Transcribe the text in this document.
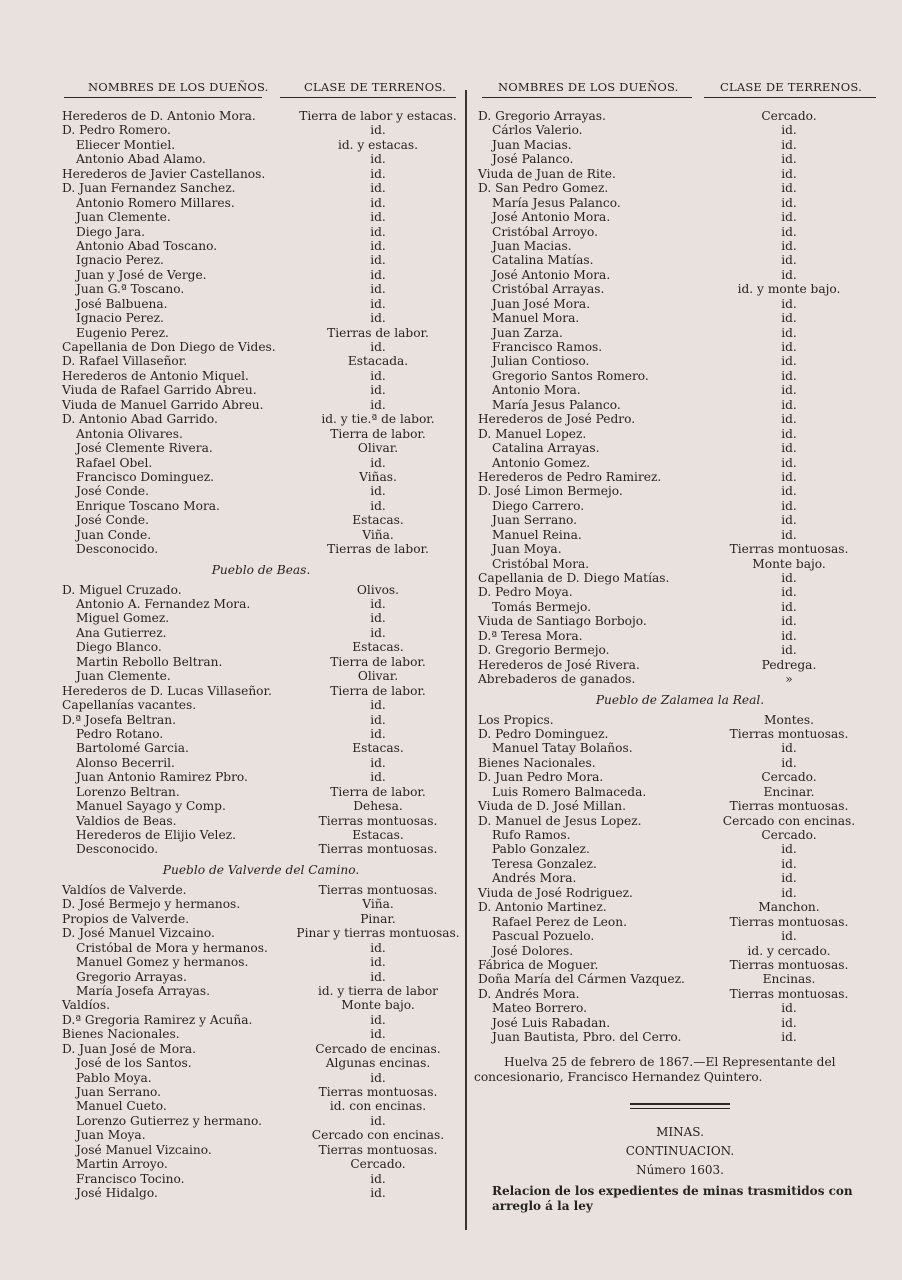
NOMBRES DE LOS DUEÑOS.	CLASE DE TERRENOS.
Herederos de D. Antonio Mora.	Tierra de labor y estacas.
D. Pedro Romero.	id.
Eliecer Montiel.	id. y estacas.
Antonio Abad Alamo.	id.
Herederos de Javier Castellanos.	id.
D. Juan Fernandez Sanchez.	id.
Antonio Romero Millares.	id.
Juan Clemente.	id.
Diego Jara.	id.
Antonio Abad Toscano.	id.
Ignacio Perez.	id.
Juan y José de Verge.	id.
Juan G.ª Toscano.	id.
José Balbuena.	id.
Ignacio Perez.	id.
Eugenio Perez.	Tierras de labor.
Capellania de Don Diego de Vides.	id.
D. Rafael Villaseñor.	Estacada.
Herederos de Antonio Miquel.	id.
Viuda de Rafael Garrido Abreu.	id.
Viuda de Manuel Garrido Abreu.	id.
D. Antonio Abad Garrido.	id. y tie.ª de labor.
Antonia Olivares.	Tierra de labor.
José Clemente Rivera.	Olivar.
Rafael Obel.	id.
Francisco Dominguez.	Viñas.
José Conde.	id.
Enrique Toscano Mora.	id.
José Conde.	Estacas.
Juan Conde.	Viña.
Desconocido.	Tierras de labor.
Pueblo de Beas.
D. Miguel Cruzado.	Olivos.
Antonio A. Fernandez Mora.	id.
Miguel Gomez.	id.
Ana Gutierrez.	id.
Diego Blanco.	Estacas.
Martin Rebollo Beltran.	Tierra de labor.
Juan Clemente.	Olivar.
Herederos de D. Lucas Villaseñor.	Tierra de labor.
Capellanías vacantes.	id.
D.ª Josefa Beltran.	id.
Pedro Rotano.	id.
Bartolomé Garcia.	Estacas.
Alonso Becerril.	id.
Juan Antonio Ramirez Pbro.	id.
Lorenzo Beltran.	Tierra de labor.
Manuel Sayago y Comp.	Dehesa.
Valdios de Beas.	Tierras montuosas.
Herederos de Elijio Velez.	Estacas.
Desconocido.	Tierras montuosas.
Pueblo de Valverde del Camino.
Valdíos de Valverde.	Tierras montuosas.
D. José Bermejo y hermanos.	Viña.
Propios de Valverde.	Pinar.
D. José Manuel Vizcaino.	Pinar y tierras montuosas.
Cristóbal de Mora y hermanos.	id.
Manuel Gomez y hermanos.	id.
Gregorio Arrayas.	id.
María Josefa Arrayas.	id. y tierra de labor
Valdíos.	Monte bajo.
D.ª Gregoria Ramirez y Acuña.	id.
Bienes Nacionales.	id.
D. Juan José de Mora.	Cercado de encinas.
José de los Santos.	Algunas encinas.
Pablo Moya.	id.
Juan Serrano.	Tierras montuosas.
Manuel Cueto.	id. con encinas.
Lorenzo Gutierrez y hermano.	id.
Juan Moya.	Cercado con encinas.
José Manuel Vizcaino.	Tierras montuosas.
Martin Arroyo.	Cercado.
Francisco Tocino.	id.
José Hidalgo.	id.
NOMBRES DE LOS DUEÑOS.	CLASE DE TERRENOS.
D. Gregorio Arrayas.	Cercado.
Cárlos Valerio.	id.
Juan Macias.	id.
José Palanco.	id.
Viuda de Juan de Rite.	id.
D. San Pedro Gomez.	id.
María Jesus Palanco.	id.
José Antonio Mora.	id.
Cristóbal Arroyo.	id.
Juan Macias.	id.
Catalina Matías.	id.
José Antonio Mora.	id.
Cristóbal Arrayas.	id. y monte bajo.
Juan José Mora.	id.
Manuel Mora.	id.
Juan Zarza.	id.
Francisco Ramos.	id.
Julian Contioso.	id.
Gregorio Santos Romero.	id.
Antonio Mora.	id.
María Jesus Palanco.	id.
Herederos de José Pedro.	id.
D. Manuel Lopez.	id.
Catalina Arrayas.	id.
Antonio Gomez.	id.
Herederos de Pedro Ramirez.	id.
D. José Limon Bermejo.	id.
Diego Carrero.	id.
Juan Serrano.	id.
Manuel Reina.	id.
Juan Moya.	Tierras montuosas.
Cristóbal Mora.	Monte bajo.
Capellania de D. Diego Matías.	id.
D. Pedro Moya.	id.
Tomás Bermejo.	id.
Viuda de Santiago Borbojo.	id.
D.ª Teresa Mora.	id.
D. Gregorio Bermejo.	id.
Herederos de José Rivera.	Pedrega.
Abrebaderos de ganados.	»
Pueblo de Zalamea la Real.
Los Propics.	Montes.
D. Pedro Dominguez.	Tierras montuosas.
Manuel Tatay Bolaños.	id.
Bienes Nacionales.	id.
D. Juan Pedro Mora.	Cercado.
Luis Romero Balmaceda.	Encinar.
Viuda de D. José Millan.	Tierras montuosas.
D. Manuel de Jesus Lopez.	Cercado con encinas.
Rufo Ramos.	Cercado.
Pablo Gonzalez.	id.
Teresa Gonzalez.	id.
Andrés Mora.	id.
Viuda de José Rodriguez.	id.
D. Antonio Martinez.	Manchon.
Rafael Perez de Leon.	Tierras montuosas.
Pascual Pozuelo.	id.
José Dolores.	id. y cercado.
Fábrica de Moguer.	Tierras montuosas.
Doña María del Cármen Vazquez.	Encinas.
D. Andrés Mora.	Tierras montuosas.
Mateo Borrero.	id.
José Luis Rabadan.	id.
Juan Bautista, Pbro. del Cerro.	id.
Huelva 25 de febrero de 1867.—El Representante del concesionario, Francisco Hernandez Quintero.
MINAS.
CONTINUACION.
Número 1603.
Relacion de los expedientes de minas trasmitidos con arreglo á la ley
